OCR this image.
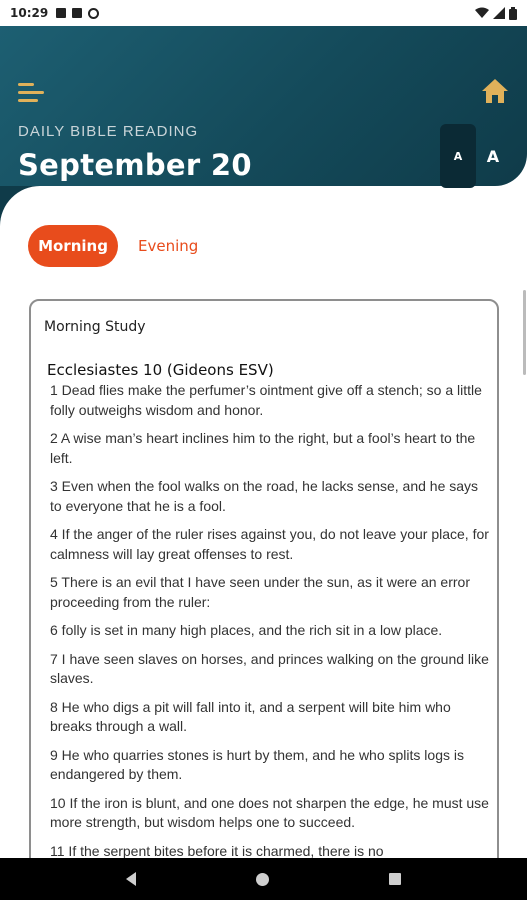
10:29
DAILY BIBLE READING
September 20	A	A
Morning	Evening
Morning Study
Ecclesiastes 10 (Gideons ESV)

1 Dead flies make the perfumer’s ointment give off a stench; so a little folly outweighs wisdom and honor.

2 A wise man’s heart inclines him to the right, but a fool’s heart to the left.

3 Even when the fool walks on the road, he lacks sense, and he says to everyone that he is a fool.

4 If the anger of the ruler rises against you, do not leave your place, for calmness will lay great offenses to rest.

5 There is an evil that I have seen under the sun, as it were an error proceeding from the ruler:

6 folly is set in many high places, and the rich sit in a low place.

7 I have seen slaves on horses, and princes walking on the ground like slaves.

8 He who digs a pit will fall into it, and a serpent will bite him who breaks through a wall.

9 He who quarries stones is hurt by them, and he who splits logs is endangered by them.

10 If the iron is blunt, and one does not sharpen the edge, he must use more strength, but wisdom helps one to succeed.

11 If the serpent bites before it is charmed, there is no
